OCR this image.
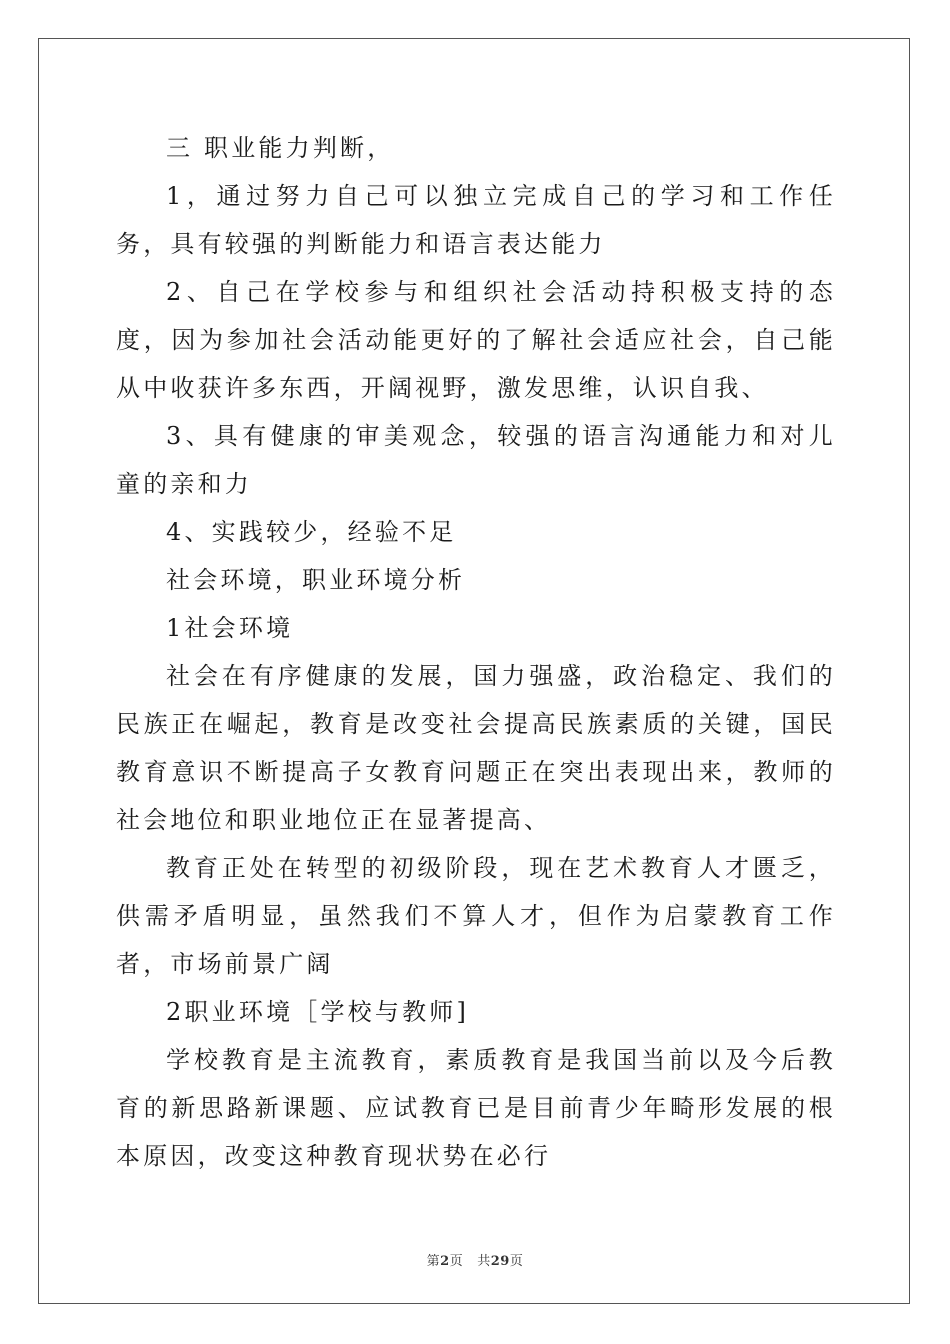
三 职业能力判断，

1，通过努力自己可以独立完成自己的学习和工作任务，具有较强的判断能力和语言表达能力

2、自己在学校参与和组织社会活动持积极支持的态度，因为参加社会活动能更好的了解社会适应社会，自己能从中收获许多东西，开阔视野，激发思维，认识自我、

3、具有健康的审美观念，较强的语言沟通能力和对儿童的亲和力

4、实践较少，经验不足

社会环境，职业环境分析

1社会环境

社会在有序健康的发展，国力强盛，政治稳定、我们的民族正在崛起，教育是改变社会提高民族素质的关键，国民教育意识不断提高子女教育问题正在突出表现出来，教师的社会地位和职业地位正在显著提高、

教育正处在转型的初级阶段，现在艺术教育人才匮乏，供需矛盾明显，虽然我们不算人才，但作为启蒙教育工作者，市场前景广阔

2职业环境［学校与教师]

学校教育是主流教育，素质教育是我国当前以及今后教育的新思路新课题、应试教育已是目前青少年畸形发展的根本原因，改变这种教育现状势在必行

第2页 共29页
